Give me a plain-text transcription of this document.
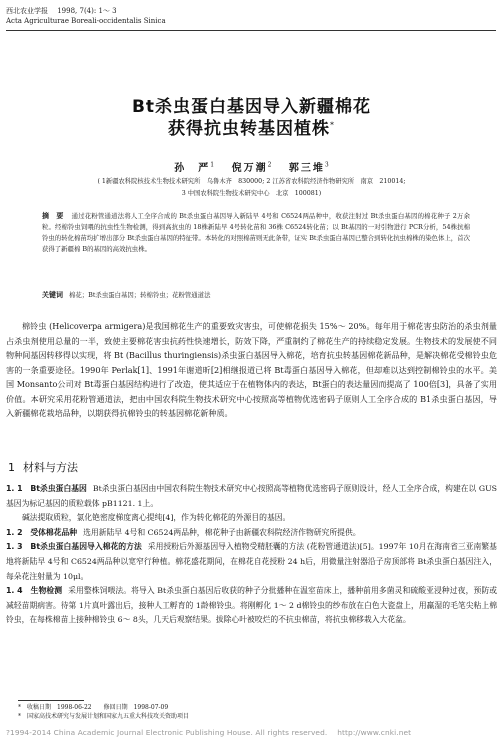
西北农业学报　 1998, 7(4): 1～ 3
Acta Agriculturae Boreali-occidentalis Sinica
Bt杀虫蛋白基因导入新疆棉花
获得抗虫转基因植株*
孙　严$^1$　 倪万潮$^2$　 郭三堆$^3$
( 1新疆农科院核技术生物技术研究所　乌鲁木齐　830000; 2 江苏省农科院经济作物研究所　南京　210014;
3 中国农科院生物技术研究中心　北京　100081)
摘　要 通过花粉管通道法将人工全序合成的 Bt杀虫蛋白基因导入新陆早 4号和 C6524两品种中，收获注射过 Bt杀虫蛋白基因的棉花种子 2万余粒。经棉铃虫饲喂的抗虫性生物检测，得到高抗虫的 18株新陆早 4号转化苗和 36株 C6524转化苗；以 Bt基因的一对引物进行 PCR分析，54株抗棉铃虫的转化棉苗均扩增出部分 Bt杀虫蛋白基因的特征带。本转化的对照棉苗则无此条带，证实 Bt杀虫蛋白基因已整合到转化抗虫棉株的染色体上，首次获得了新疆棉 B的基因的高效抗虫株。
关键词 棉花；Bt杀虫蛋白基因；转棉铃虫；花粉管通道法
棉铃虫 (Helicoverpa armigera)是我国棉花生产的重要致灾害虫，可使棉花损失 15%～ 20%。每年用于棉花害虫防治的杀虫剂量占杀虫剂使用总量的一半，致使主要棉花害虫抗药性快速增长，防效下降，严重制约了棉花生产的持续稳定发展。生物技术的发展使不同物种间基因转移得以实现，将 Bt (Bacillus thuringiensis)杀虫蛋白基因导入棉花，培育抗虫转基因棉花新品种，是解决棉花受棉铃虫危害的一条重要途径。1990年 Perlak[1]、1991年谢道昕[2]相继报道已将 Bt毒蛋白基因导入棉花，但却难以达到控制棉铃虫的水平。美国 Monsanto公司对 Bt毒蛋白基因结构进行了改造，使其适应于在植物体内的表达，Bt蛋白的表达量因而提高了 100倍[3]，具备了实用价值。本研究采用花粉管通道法，把由中国农科院生物技术研究中心按照高等植物优选密码子原则人工全序合成的 B1杀虫蛋白基因，导入新疆棉花栽培品种，以期获得抗棉铃虫的转基因棉花新种质。
1 材料与方法

1. 1　Bt杀虫蛋白基因 Bt杀虫蛋白基因由中国农科院生物技术研究中心按照高等植物优选密码子原则设计，经人工全序合成，构建在以 GUS基因为标记基因的质粒载体 pB1121. 1上。

碱法提取质粒，氯化铯密度梯度离心提纯[4]，作为转化棉花的外源目的基因。

1. 2　受体棉花品种 选用新陆早 4号和 C6524两品种，棉花种子由新疆农科院经济作物研究所提供。

1. 3　Bt杀虫蛋白基因导入棉花的方法 采用授粉后外源基因导入植物受精胚囊的方法 (花粉管通道法)[5]。1997年 10月在海南省三亚南繁基地将新陆早 4号和 C6524两品种以宽窄行种植。棉花盛花期间，在棉花自花授粉 24 h后，用微量注射器沿子房顶部将 Bt杀虫蛋白基因注入，每朵花注射量为 10μl。

1. 4　生物检测 采用整株饲喂法。将导入 Bt杀虫蛋白基因后收获的种子分批播种在温室苗床上，播种前用多菌灵和硫酸亚浸种过夜，预防或减轻苗期病害。待第 1片真叶露出后，接种人工孵育的 1龄棉铃虫。将刚孵化 1～ 2 d棉铃虫的纱布放在白色大瓷盘上，用羸湿的毛笔尖粘上棉铃虫，在每株棉苗上接种棉铃虫 6～ 8头，几天后观察结果。拔除心叶被咬烂的不抗虫棉苗，将抗虫棉移栽入大花盆。

*　收稿日期　1998-06-22　　修回日期　1998-07-09
*　国家高技术研究与发展计划和国家九五重大科技攻关资助项目
?1994-2014 China Academic Journal Electronic Publishing House. All rights reserved.　 http://www.cnki.net
